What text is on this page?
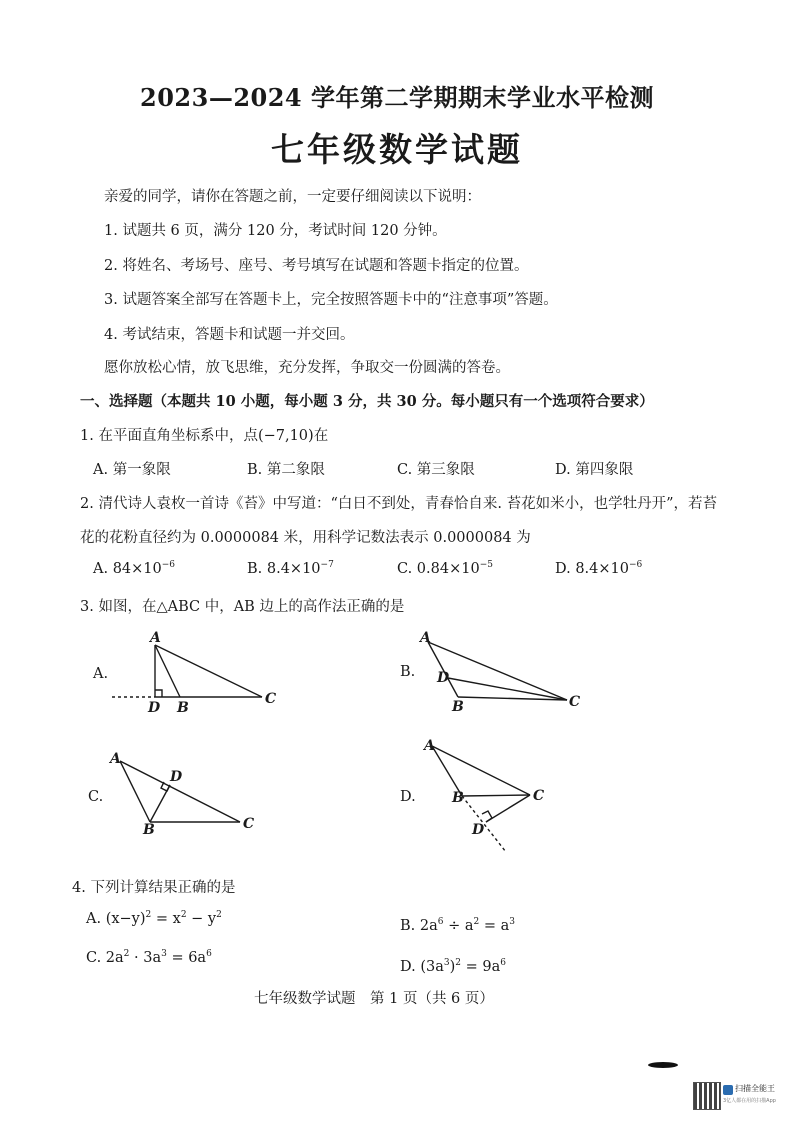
2023—2024 学年第二学期期末学业水平检测
七年级数学试题
亲爱的同学，请你在答题之前，一定要仔细阅读以下说明：
1. 试题共 6 页，满分 120 分，考试时间 120 分钟。
2. 将姓名、考场号、座号、考号填写在试题和答题卡指定的位置。
3. 试题答案全部写在答题卡上，完全按照答题卡中的“注意事项”答题。
4. 考试结束，答题卡和试题一并交回。
愿你放松心情，放飞思维，充分发挥，争取交一份圆满的答卷。
一、选择题（本题共 10 小题，每小题 3 分，共 30 分。每小题只有一个选项符合要求）
1. 在平面直角坐标系中，点(−7,10)在
A. 第一象限	B. 第二象限	C. 第三象限	D. 第四象限
2. 清代诗人袁枚一首诗《苔》中写道：“白日不到处，青春恰自来. 苔花如米小，也学牡丹开”，若苔
花的花粉直径约为 0.0000084 米，用科学记数法表示 0.0000084 为
A. $84\times 10^{-6}$	B. $8.4\times 10^{-7}$	C. $0.84\times 10^{-5}$	D. $8.4\times 10^{-6}$
3. 如图，在△ABC 中，AB 边上的高作法正确的是
A.	B.
C.	D.
A
D B
C
A
D
B	C
A
D
B	C
A
B	C
D
4. 下列计算结果正确的是
A. $(x-y)^2 = x^2 - y^2$
B. $2a^6 \div a^2 = a^3$
C. $2a^2 \cdot 3a^3 = 6a^6$
D. $(3a^3)^2 = 9a^6$
七年级数学试题　第 1 页（共 6 页）
扫描全能王
3亿人都在用的扫描App
